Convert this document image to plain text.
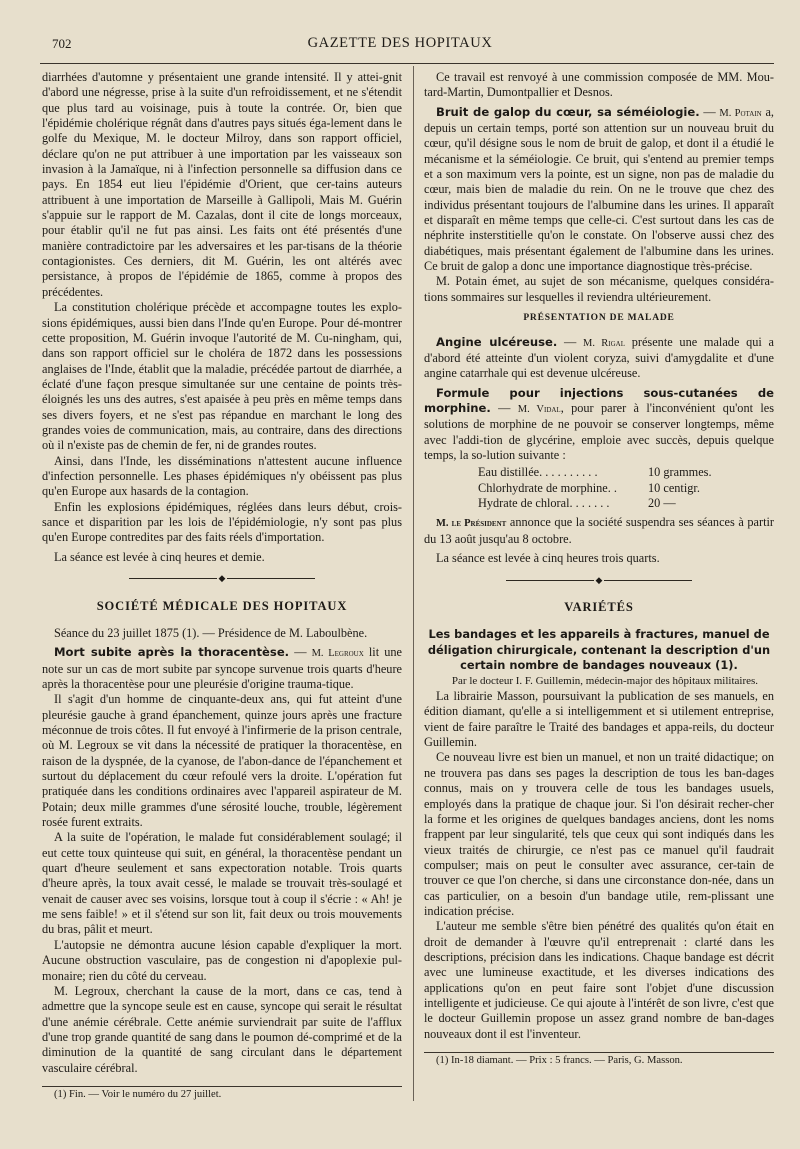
702	GAZETTE DES HOPITAUX

diarrhées d'automne y présentaient une grande intensité. Il y attei-gnit d'abord une négresse, prise à la suite d'un refroidissement, et ne s'étendit que plus tard au voisinage, puis à toute la contrée. Or, bien que l'épidémie cholérique régnât dans d'autres pays situés éga-lement dans le golfe du Mexique, M. le docteur Milroy, dans son rapport officiel, déclare qu'on ne put attribuer à une importation par les vaisseaux son invasion à la Jamaïque, ni à l'infection personnelle sa diffusion dans ce pays. En 1854 eut lieu l'épidémie d'Orient, que cer-tains auteurs attribuent à une importation de Marseille à Gallipoli, Mais M. Guérin s'appuie sur le rapport de M. Cazalas, dont il cite de longs morceaux, pour établir qu'il ne fut pas ainsi. Les faits ont été présentés d'une manière contradictoire par les adversaires et les par-tisans de la théorie contagionistes. Ces derniers, dit M. Guérin, les ont altérés avec persistance, à propos de l'épidémie de 1865, comme à propos des précédentes.

La constitution cholérique précède et accompagne toutes les explo-sions épidémiques, aussi bien dans l'Inde qu'en Europe. Pour dé-montrer cette proposition, M. Guérin invoque l'autorité de M. Cu-ningham, qui, dans son rapport officiel sur le choléra de 1872 dans les possessions anglaises de l'Inde, établit que la maladie, précédée partout de diarrhée, a éclaté d'une façon presque simultanée sur une centaine de points très-éloignés les uns des autres, s'est apaisée à peu près en même temps dans ses divers foyers, et ne s'est pas répandue en marchant le long des grandes voies de communication, mais, au contraire, dans des directions où il n'existe pas de chemin de fer, ni de grandes routes.

Ainsi, dans l'Inde, les disséminations n'attestent aucune influence d'infection personnelle. Les phases épidémiques n'y obéissent pas plus qu'en Europe aux hasards de la contagion.

Enfin les explosions épidémiques, réglées dans leurs début, crois-sance et disparition par les lois de l'épidémiologie, n'y sont pas plus qu'en Europe contredites par des faits réels d'importation.

La séance est levée à cinq heures et demie.

◆
SOCIÉTÉ MÉDICALE DES HOPITAUX

Séance du 23 juillet 1875 (1). — Présidence de M. Laboulbène.

Mort subite après la thoracentèse. — M. Legroux lit une note sur un cas de mort subite par syncope survenue trois quarts d'heure après la thoracentèse pour une pleurésie d'origine trauma-tique.

Il s'agit d'un homme de cinquante-deux ans, qui fut atteint d'une pleurésie gauche à grand épanchement, quinze jours après une fracture méconnue de trois côtes. Il fut envoyé à l'infirmerie de la prison centrale, où M. Legroux se vit dans la nécessité de pratiquer la thoracentèse, en raison de la dyspnée, de la cyanose, de l'abon-dance de l'épanchement et surtout du déplacement du cœur refoulé vers la droite. L'opération fut pratiquée dans les conditions ordinaires avec l'appareil aspirateur de M. Potain; deux mille grammes d'une sérosité louche, trouble, légèrement rosée furent extraits.

A la suite de l'opération, le malade fut considérablement soulagé; il eut cette toux quinteuse qui suit, en général, la thoracentèse pendant un quart d'heure seulement et sans expectoration notable. Trois quarts d'heure après, la toux avait cessé, le malade se trouvait très-soulagé et venait de causer avec ses voisins, lorsque tout à coup il s'écrie : « Ah! je me sens faible! » et il s'étend sur son lit, fait deux ou trois mouvements du bras, pâlit et meurt.

L'autopsie ne démontra aucune lésion capable d'expliquer la mort. Aucune obstruction vasculaire, pas de congestion ni d'apoplexie pul-monaire; rien du côté du cerveau.

M. Legroux, cherchant la cause de la mort, dans ce cas, tend à admettre que la syncope seule est en cause, syncope qui serait le résultat d'une anémie cérébrale. Cette anémie surviendrait par suite de l'afflux d'une trop grande quantité de sang dans le poumon dé-comprimé et de la diminution de la quantité de sang circulant dans le département vasculaire cérébral.

(1) Fin. — Voir le numéro du 27 juillet.

Ce travail est renvoyé à une commission composée de MM. Mou-tard-Martin, Dumontpallier et Desnos.

Bruit de galop du cœur, sa séméiologie. — M. Potain a, depuis un certain temps, porté son attention sur un nouveau bruit du cœur, qu'il désigne sous le nom de bruit de galop, et dont il a étudié le mécanisme et la séméiologie. Ce bruit, qui s'entend au premier temps et a son maximum vers la pointe, est un signe, non pas de maladie du cœur, mais bien de maladie du rein. On ne le trouve que chez des individus présentant toujours de l'albumine dans les urines. Il apparaît et disparaît en même temps que celle-ci. C'est surtout dans les cas de néphrite insterstitielle qu'on le constate. On l'observe aussi chez des diabétiques, mais présentant également de l'albumine dans les urines. Ce bruit de galop a donc une importance diagnostique très-précise.

M. Potain émet, au sujet de son mécanisme, quelques considéra-tions sommaires sur lesquelles il reviendra ultérieurement.

PRÉSENTATION DE MALADE

Angine ulcéreuse. — M. Rigal présente une malade qui a d'abord été atteinte d'un violent coryza, suivi d'amygdalite et d'une angine catarrhale qui est devenue ulcéreuse.

Formule pour injections sous-cutanées de morphine. — M. Vidal, pour parer à l'inconvénient qu'ont les solutions de morphine de ne pouvoir se conserver longtemps, même avec l'addi-tion de glycérine, emploie avec succès, depuis quelque temps, la so-lution suivante :

Eau distillée. . . . . . . . . .	10 grammes.
Chlorhydrate de morphine. .	10 centigr.
Hydrate de chloral. . . . . . .	20 —

M. le Président annonce que la société suspendra ses séances à partir du 13 août jusqu'au 8 octobre.

La séance est levée à cinq heures trois quarts.

◆
VARIÉTÉS
Les bandages et les appareils à fractures, manuel de déligation chirurgicale, contenant la description d'un certain nombre de bandages nouveaux (1).

Par le docteur I. F. Guillemin, médecin-major des hôpitaux militaires.

La librairie Masson, poursuivant la publication de ses manuels, en édition diamant, qu'elle a si intelligemment et si utilement entreprise, vient de faire paraître le Traité des bandages et appa-reils, du docteur Guillemin.

Ce nouveau livre est bien un manuel, et non un traité didactique; on ne trouvera pas dans ses pages la description de tous les ban-dages connus, mais on y trouvera celle de tous les bandages usuels, employés dans la pratique de chaque jour. Si l'on désirait recher-cher la forme et les origines de quelques bandages anciens, dont les noms frappent par leur singularité, tels que ceux qui sont indiqués dans les vieux traités de chirurgie, ce n'est pas ce manuel qu'il faudrait compulser; mais on peut le consulter avec assurance, cer-tain de trouver ce que l'on cherche, si dans une circonstance don-née, dans un cas particulier, on a besoin d'un bandage utile, rem-plissant une indication précise.

L'auteur me semble s'être bien pénétré des qualités qu'on était en droit de demander à l'œuvre qu'il entreprenait : clarté dans les descriptions, précision dans les indications. Chaque bandage est décrit avec une lumineuse exactitude, et les diverses indications des applications qu'on en peut faire sont l'objet d'une discussion intelligente et judicieuse. Ce qui ajoute à l'intérêt de son livre, c'est que le docteur Guillemin propose un assez grand nombre de ban-dages nouveaux dont il est l'inventeur.

(1) In-18 diamant. — Prix : 5 francs. — Paris, G. Masson.
